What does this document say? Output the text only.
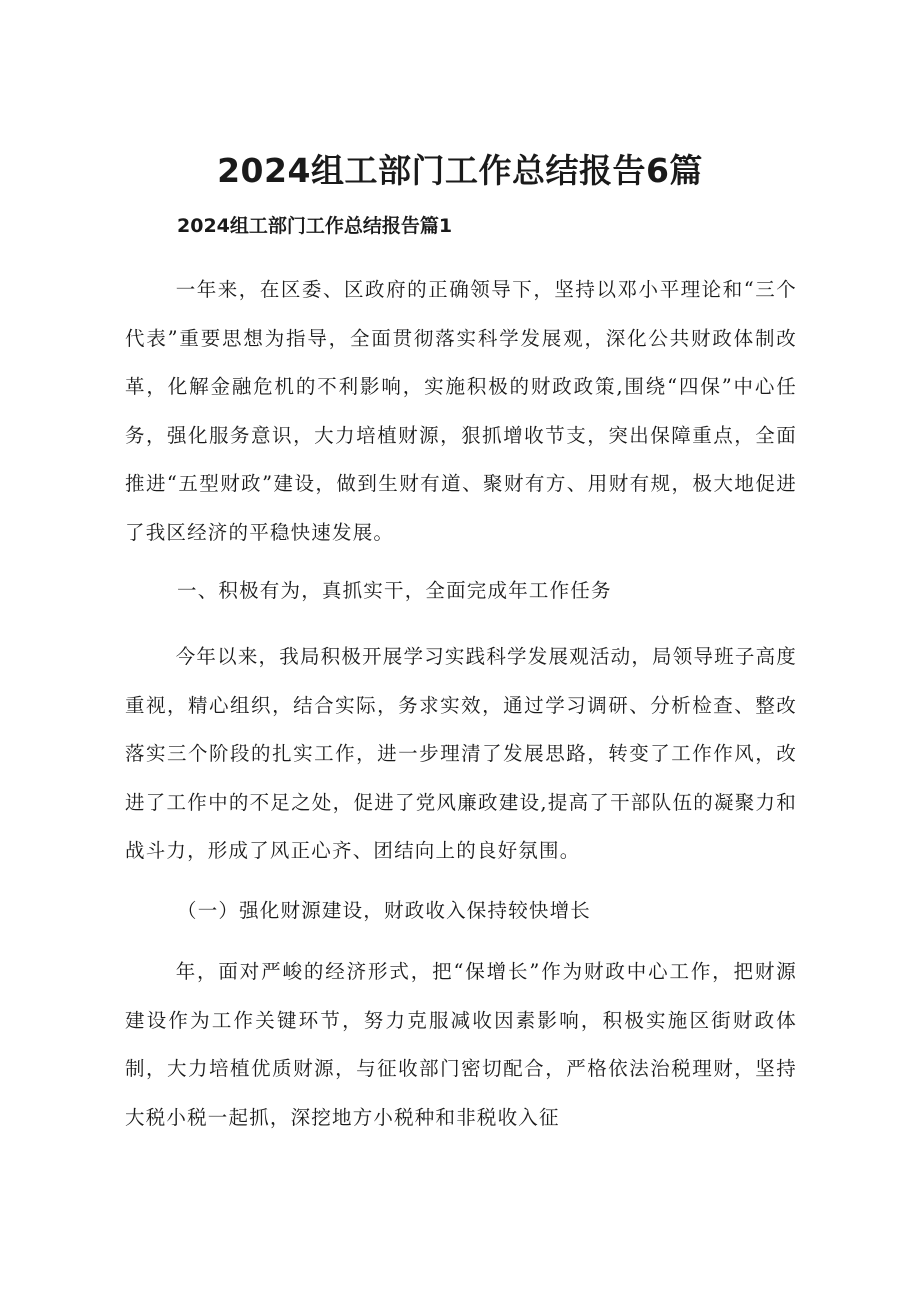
2024组工部门工作总结报告6篇

2024组工部门工作总结报告篇1

一年来，在区委、区政府的正确领导下，坚持以邓小平理论和“三个代表”重要思想为指导，全面贯彻落实科学发展观，深化公共财政体制改革，化解金融危机的不利影响，实施积极的财政政策,围绕“四保”中心任务，强化服务意识，大力培植财源，狠抓增收节支，突出保障重点，全面推进“五型财政”建设，做到生财有道、聚财有方、用财有规，极大地促进了我区经济的平稳快速发展。

一、积极有为，真抓实干，全面完成年工作任务

今年以来，我局积极开展学习实践科学发展观活动，局领导班子高度重视，精心组织，结合实际，务求实效，通过学习调研、分析检查、整改落实三个阶段的扎实工作，进一步理清了发展思路，转变了工作作风，改进了工作中的不足之处，促进了党风廉政建设,提高了干部队伍的凝聚力和战斗力，形成了风正心齐、团结向上的良好氛围。

（一）强化财源建设，财政收入保持较快增长

年，面对严峻的经济形式，把“保增长”作为财政中心工作，把财源建设作为工作关键环节，努力克服减收因素影响，积极实施区街财政体制，大力培植优质财源，与征收部门密切配合，严格依法治税理财，坚持大税小税一起抓，深挖地方小税种和非税收入征
